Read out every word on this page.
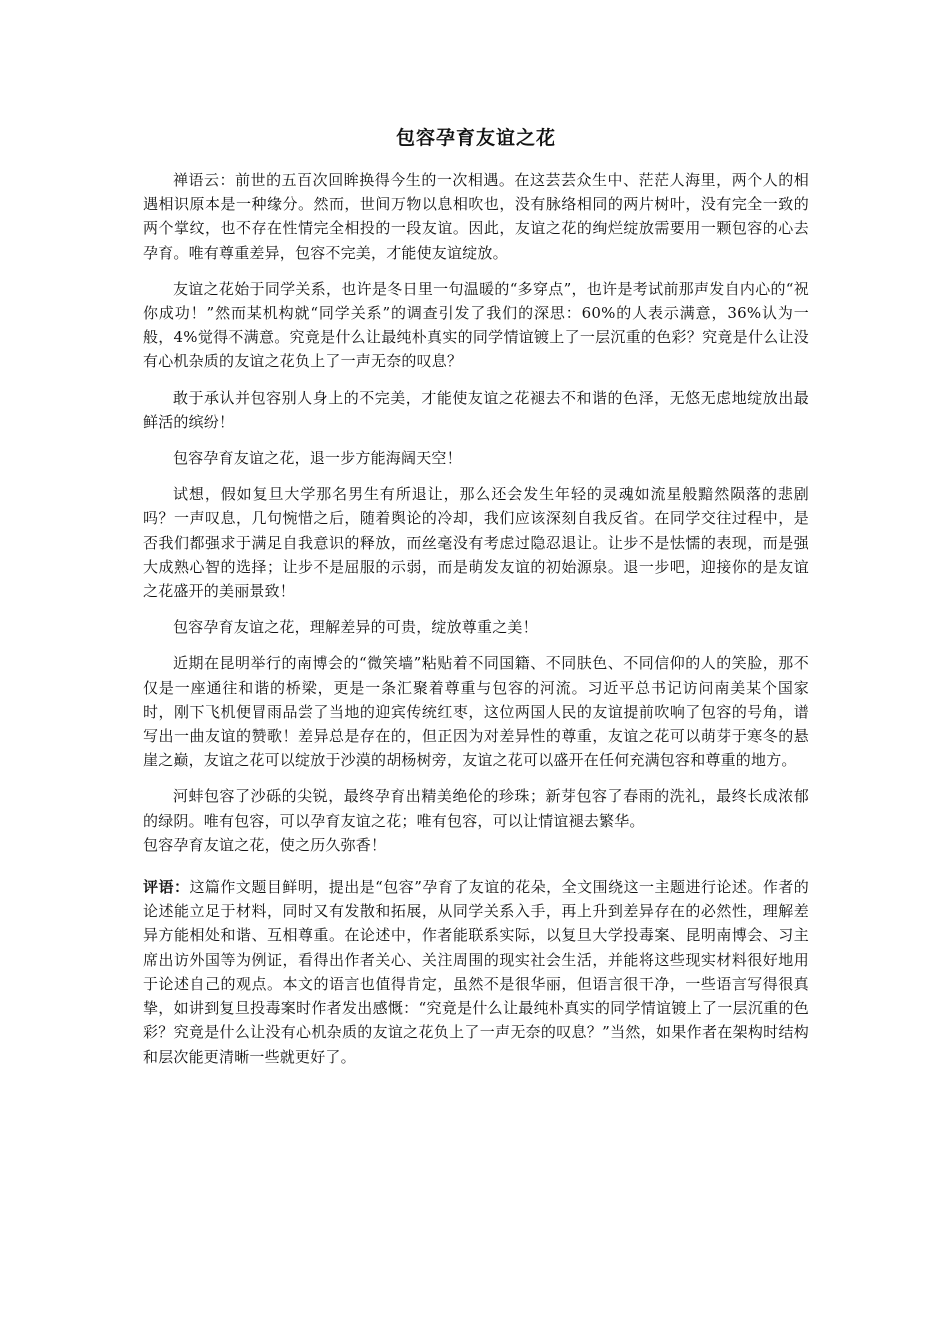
包容孕育友谊之花

禅语云：前世的五百次回眸换得今生的一次相遇。在这芸芸众生中、茫茫人海里，两个人的相遇相识原本是一种缘分。然而，世间万物以息相吹也，没有脉络相同的两片树叶，没有完全一致的两个掌纹，也不存在性情完全相投的一段友谊。因此，友谊之花的绚烂绽放需要用一颗包容的心去孕育。唯有尊重差异，包容不完美，才能使友谊绽放。

友谊之花始于同学关系，也许是冬日里一句温暖的“多穿点”，也许是考试前那声发自内心的“祝你成功！”然而某机构就“同学关系”的调查引发了我们的深思：60%的人表示满意，36%认为一般，4%觉得不满意。究竟是什么让最纯朴真实的同学情谊镀上了一层沉重的色彩？究竟是什么让没有心机杂质的友谊之花负上了一声无奈的叹息？

敢于承认并包容别人身上的不完美，才能使友谊之花褪去不和谐的色泽，无悠无虑地绽放出最鲜活的缤纷！

包容孕育友谊之花，退一步方能海阔天空！

试想，假如复旦大学那名男生有所退让，那么还会发生年轻的灵魂如流星般黯然陨落的悲剧吗？一声叹息，几句惋惜之后，随着舆论的冷却，我们应该深刻自我反省。在同学交往过程中，是否我们都强求于满足自我意识的释放，而丝毫没有考虑过隐忍退让。让步不是怯懦的表现，而是强大成熟心智的选择；让步不是屈服的示弱，而是萌发友谊的初始源泉。退一步吧，迎接你的是友谊之花盛开的美丽景致！

包容孕育友谊之花，理解差异的可贵，绽放尊重之美！

近期在昆明举行的南博会的“微笑墙”粘贴着不同国籍、不同肤色、不同信仰的人的笑脸，那不仅是一座通往和谐的桥梁，更是一条汇聚着尊重与包容的河流。习近平总书记访问南美某个国家时，刚下飞机便冒雨品尝了当地的迎宾传统红枣，这位两国人民的友谊提前吹响了包容的号角，谱写出一曲友谊的赞歌！差异总是存在的，但正因为对差异性的尊重，友谊之花可以萌芽于寒冬的悬崖之巅，友谊之花可以绽放于沙漠的胡杨树旁，友谊之花可以盛开在任何充满包容和尊重的地方。

河蚌包容了沙砾的尖锐，最终孕育出精美绝伦的珍珠；新芽包容了春雨的洗礼，最终长成浓郁的绿阴。唯有包容，可以孕育友谊之花；唯有包容，可以让情谊褪去繁华。

包容孕育友谊之花，使之历久弥香！

评语：这篇作文题目鲜明，提出是“包容”孕育了友谊的花朵，全文围绕这一主题进行论述。作者的论述能立足于材料，同时又有发散和拓展，从同学关系入手，再上升到差异存在的必然性，理解差异方能相处和谐、互相尊重。在论述中，作者能联系实际，以复旦大学投毒案、昆明南博会、习主席出访外国等为例证，看得出作者关心、关注周围的现实社会生活，并能将这些现实材料很好地用于论述自己的观点。本文的语言也值得肯定，虽然不是很华丽，但语言很干净，一些语言写得很真挚，如讲到复旦投毒案时作者发出感慨：“究竟是什么让最纯朴真实的同学情谊镀上了一层沉重的色彩？究竟是什么让没有心机杂质的友谊之花负上了一声无奈的叹息？”当然，如果作者在架构时结构和层次能更清晰一些就更好了。
